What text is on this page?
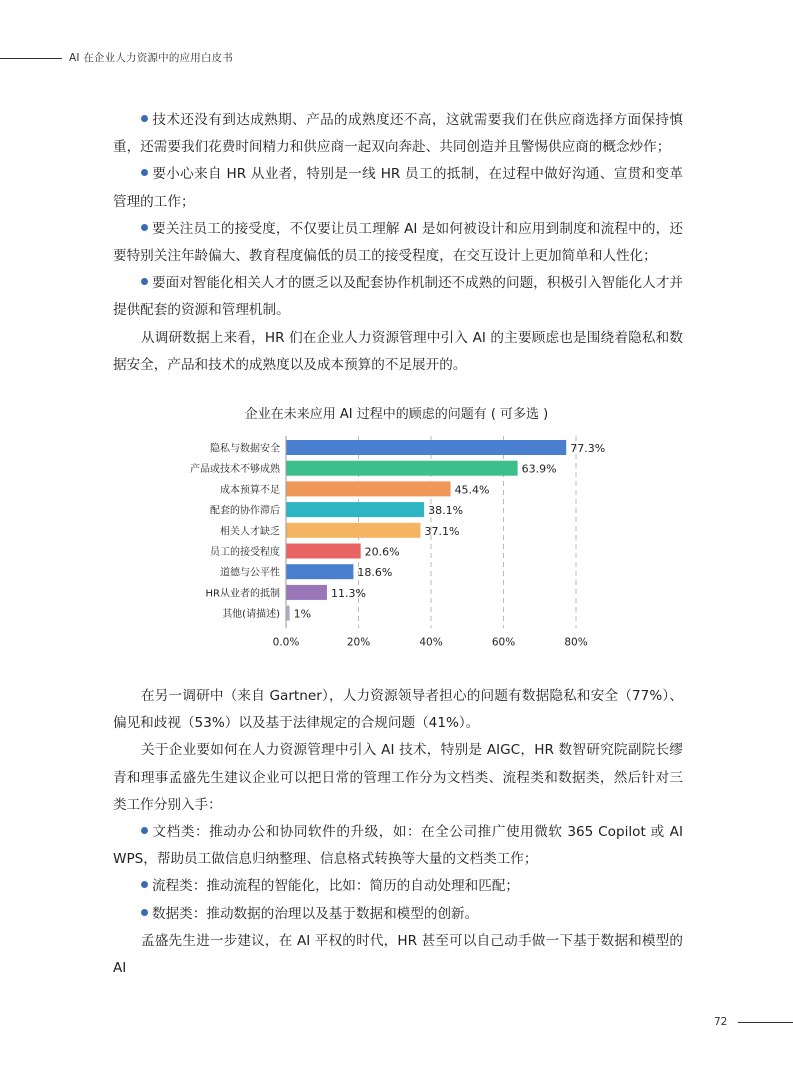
AI 在企业人力资源中的应用白皮书

技术还没有到达成熟期、产品的成熟度还不高，这就需要我们在供应商选择方面保持慎重，还需要我们花费时间精力和供应商一起双向奔赴、共同创造并且警惕供应商的概念炒作；

要小心来自 HR 从业者，特别是一线 HR 员工的抵制，在过程中做好沟通、宣贯和变革管理的工作；

要关注员工的接受度，不仅要让员工理解 AI 是如何被设计和应用到制度和流程中的，还要特别关注年龄偏大、教育程度偏低的员工的接受程度，在交互设计上更加简单和人性化；

要面对智能化相关人才的匮乏以及配套协作机制还不成熟的问题，积极引入智能化人才并提供配套的资源和管理机制。

从调研数据上来看，HR 们在企业人力资源管理中引入 AI 的主要顾虑也是围绕着隐私和数据安全，产品和技术的成熟度以及成本预算的不足展开的。

企业在未来应用 AI 过程中的顾虑的问题有 ( 可多选 )
0.0%	20%	40%	60%	80%
隐私与数据安全	77.3%
产品或技术不够成熟	63.9%
成本预算不足	45.4%
配套的协作滞后	38.1%
相关人才缺乏	37.1%
员工的接受程度	20.6%
道德与公平性	18.6%
HR从业者的抵制	11.3%
其他(请描述) 1%

在另一调研中（来自 Gartner），人力资源领导者担心的问题有数据隐私和安全（77%）、偏见和歧视（53%）以及基于法律规定的合规问题（41%）。

关于企业要如何在人力资源管理中引入 AI 技术，特别是 AIGC，HR 数智研究院副院长缪青和理事孟盛先生建议企业可以把日常的管理工作分为文档类、流程类和数据类，然后针对三类工作分别入手：

文档类：推动办公和协同软件的升级，如：在全公司推广使用微软 365 Copilot 或 AI WPS，帮助员工做信息归纳整理、信息格式转换等大量的文档类工作；

流程类：推动流程的智能化，比如：简历的自动处理和匹配；

数据类：推动数据的治理以及基于数据和模型的创新。

孟盛先生进一步建议，在 AI 平权的时代，HR 甚至可以自己动手做一下基于数据和模型的 AI

72
